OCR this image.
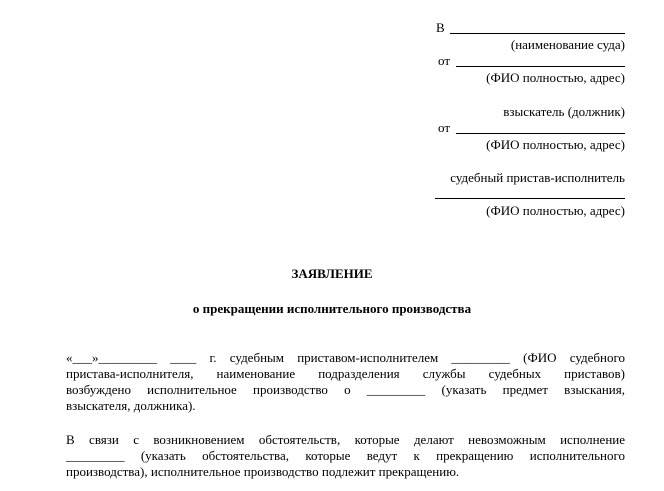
В
(наименование суда)
от
(ФИО полностью, адрес)
взыскатель (должник)
от
(ФИО полностью, адрес)
судебный пристав-исполнитель
(ФИО полностью, адрес)
ЗАЯВЛЕНИЕ
о прекращении исполнительного производства
«___»_________ ____ г. судебным приставом-исполнителем _________ (ФИО судебного
пристава-исполнителя, наименование подразделения службы судебных приставов)
возбуждено исполнительное производство о _________ (указать предмет взыскания,
взыскателя, должника).
В связи с возникновением обстоятельств, которые делают невозможным исполнение
_________ (указать обстоятельства, которые ведут к прекращению исполнительного
производства), исполнительное производство подлежит прекращению.
